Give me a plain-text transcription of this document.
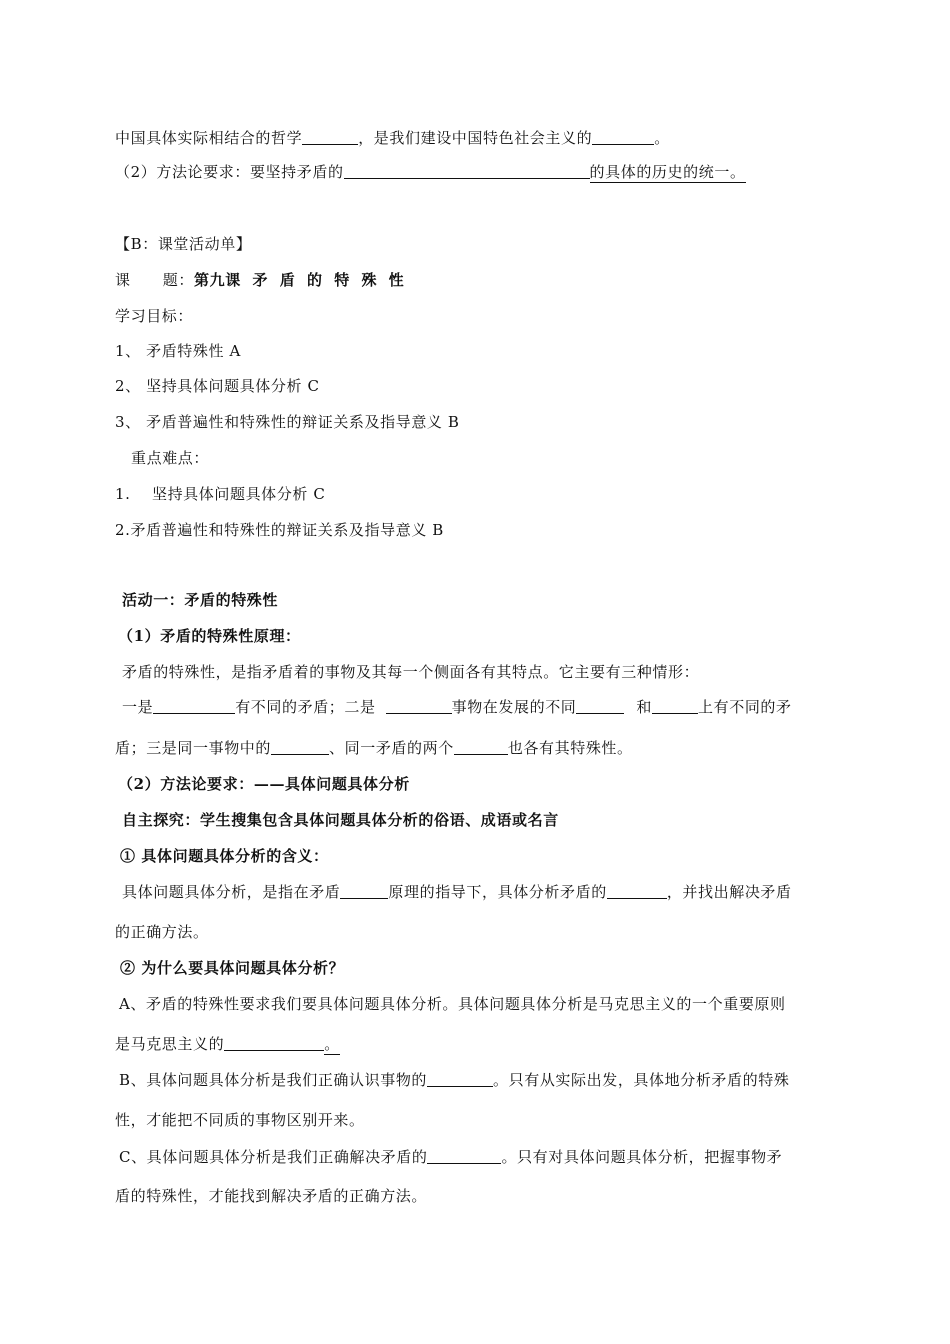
中国具体实际相结合的哲学	，是我们建设中国特色社会主义的	。
（2）方法论要求：要坚持矛盾的	的具体的历史的统一。
【B：课堂活动单】
课      题：第九课  矛  盾  的  特  殊  性
学习目标：
1、 矛盾特殊性 A
2、 坚持具体问题具体分析 C
3、 矛盾普遍性和特殊性的辩证关系及指导意义 B
重点难点：
1.    坚持具体问题具体分析 C
2.矛盾普遍性和特殊性的辩证关系及指导意义 B
活动一：矛盾的特殊性
（1）矛盾的特殊性原理：
矛盾的特殊性，是指矛盾着的事物及其每一个侧面各有其特点。它主要有三种情形：
一是	有不同的矛盾；二是	事物在发展的不同	和	上有不同的矛
盾；三是同一事物中的	、同一矛盾的两个	也各有其特殊性。
（2）方法论要求：——具体问题具体分析
自主探究：学生搜集包含具体问题具体分析的俗语、成语或名言
① 具体问题具体分析的含义：
具体问题具体分析，是指在矛盾	原理的指导下，具体分析矛盾的	，并找出解决矛盾
的正确方法。
② 为什么要具体问题具体分析？
A、矛盾的特殊性要求我们要具体问题具体分析。具体问题具体分析是马克思主义的一个重要原则
是马克思主义的	。
B、具体问题具体分析是我们正确认识事物的	。只有从实际出发，具体地分析矛盾的特殊
性，才能把不同质的事物区别开来。
C、具体问题具体分析是我们正确解决矛盾的	。只有对具体问题具体分析，把握事物矛
盾的特殊性，才能找到解决矛盾的正确方法。
